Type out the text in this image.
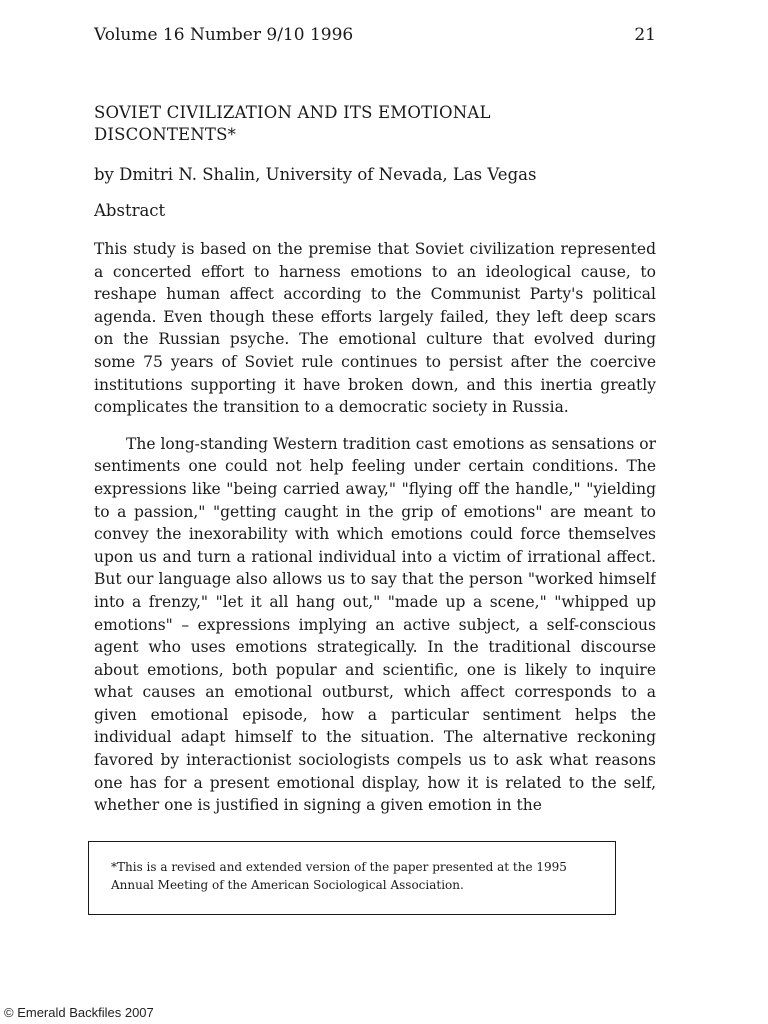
Volume 16 Number 9/10 1996	21
SOVIET CIVILIZATION AND ITS EMOTIONAL DISCONTENTS*
by Dmitri N. Shalin, University of Nevada, Las Vegas
Abstract

This study is based on the premise that Soviet civilization represented a concerted effort to harness emotions to an ideological cause, to reshape human affect according to the Communist Party's political agenda. Even though these efforts largely failed, they left deep scars on the Russian psyche. The emotional culture that evolved during some 75 years of Soviet rule continues to persist after the coercive institutions supporting it have broken down, and this inertia greatly complicates the transition to a democratic society in Russia.

The long-standing Western tradition cast emotions as sensations or sentiments one could not help feeling under certain conditions. The expressions like "being carried away," "flying off the handle," "yielding to a passion," "getting caught in the grip of emotions" are meant to convey the inexorability with which emotions could force themselves upon us and turn a rational individual into a victim of irrational affect. But our language also allows us to say that the person "worked himself into a frenzy," "let it all hang out," "made up a scene," "whipped up emotions" – expressions implying an active subject, a self-conscious agent who uses emotions strategically. In the traditional discourse about emotions, both popular and scientific, one is likely to inquire what causes an emotional outburst, which affect corresponds to a given emotional episode, how a particular sentiment helps the individual adapt himself to the situation. The alternative reckoning favored by interactionist sociologists compels us to ask what reasons one has for a present emotional display, how it is related to the self, whether one is justified in signing a given emotion in the

*This is a revised and extended version of the paper presented at the 1995 Annual Meeting of the American Sociological Association.
© Emerald Backfiles 2007
